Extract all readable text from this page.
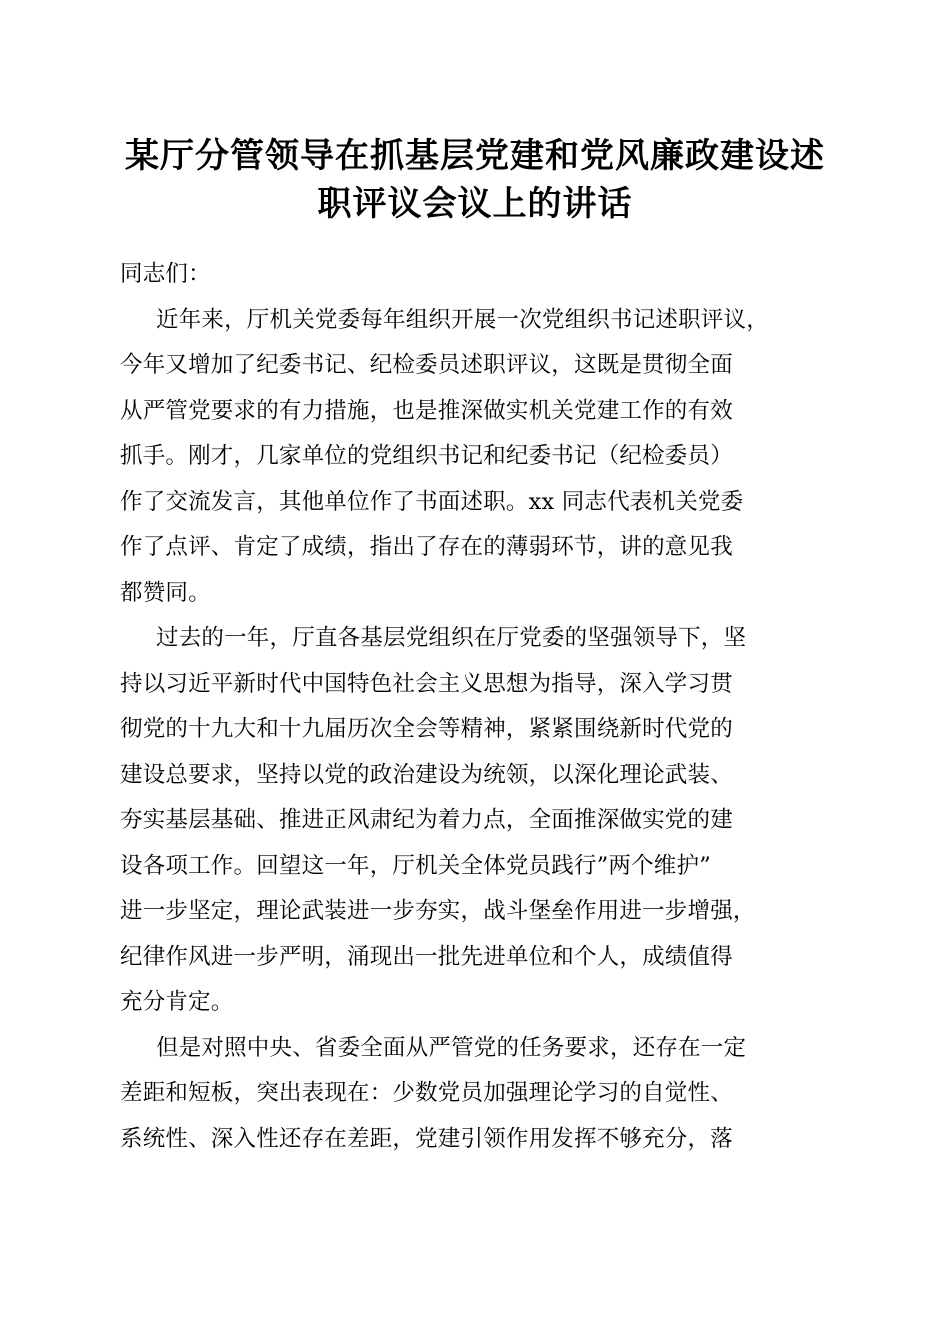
某厅分管领导在抓基层党建和党风廉政建设述
职评议会议上的讲话

同志们：

近年来，厅机关党委每年组织开展一次党组织书记述职评议，
今年又增加了纪委书记、纪检委员述职评议，这既是贯彻全面
从严管党要求的有力措施，也是推深做实机关党建工作的有效
抓手。刚才，几家单位的党组织书记和纪委书记（纪检委员）
作了交流发言，其他单位作了书面述职。xx 同志代表机关党委
作了点评、肯定了成绩，指出了存在的薄弱环节，讲的意见我
都赞同。

过去的一年，厅直各基层党组织在厅党委的坚强领导下，坚
持以习近平新时代中国特色社会主义思想为指导，深入学习贯
彻党的十九大和十九届历次全会等精神，紧紧围绕新时代党的
建设总要求，坚持以党的政治建设为统领，以深化理论武装、
夯实基层基础、推进正风肃纪为着力点，全面推深做实党的建
设各项工作。回望这一年，厅机关全体党员践行”两个维护”
进一步坚定，理论武装进一步夯实，战斗堡垒作用进一步增强，
纪律作风进一步严明，涌现出一批先进单位和个人，成绩值得
充分肯定。

但是对照中央、省委全面从严管党的任务要求，还存在一定
差距和短板，突出表现在：少数党员加强理论学习的自觉性、
系统性、深入性还存在差距，党建引领作用发挥不够充分，落
